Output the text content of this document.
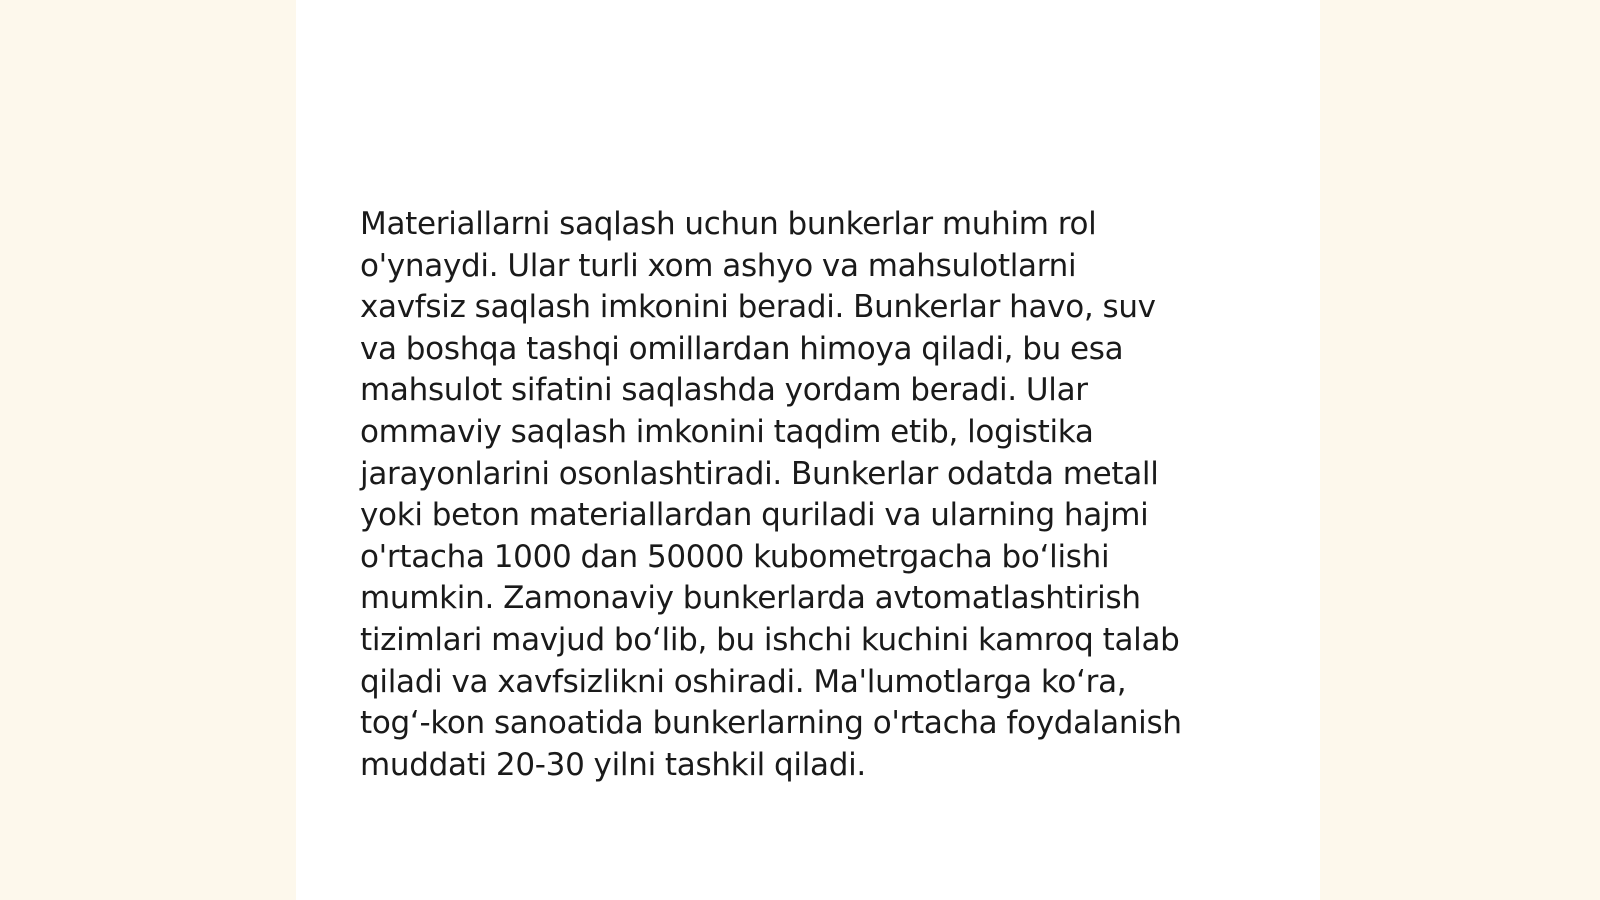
Materiallarni saqlash uchun bunkerlar muhim rol
o'ynaydi. Ular turli xom ashyo va mahsulotlarni
xavfsiz saqlash imkonini beradi. Bunkerlar havo, suv
va boshqa tashqi omillardan himoya qiladi, bu esa
mahsulot sifatini saqlashda yordam beradi. Ular
ommaviy saqlash imkonini taqdim etib, logistika
jarayonlarini osonlashtiradi. Bunkerlar odatda metall
yoki beton materiallardan quriladi va ularning hajmi
o'rtacha 1000 dan 50000 kubometrgacha bo‘lishi
mumkin. Zamonaviy bunkerlarda avtomatlashtirish
tizimlari mavjud bo‘lib, bu ishchi kuchini kamroq talab
qiladi va xavfsizlikni oshiradi. Ma'lumotlarga ko‘ra,
tog‘-kon sanoatida bunkerlarning o'rtacha foydalanish
muddati 20-30 yilni tashkil qiladi.
